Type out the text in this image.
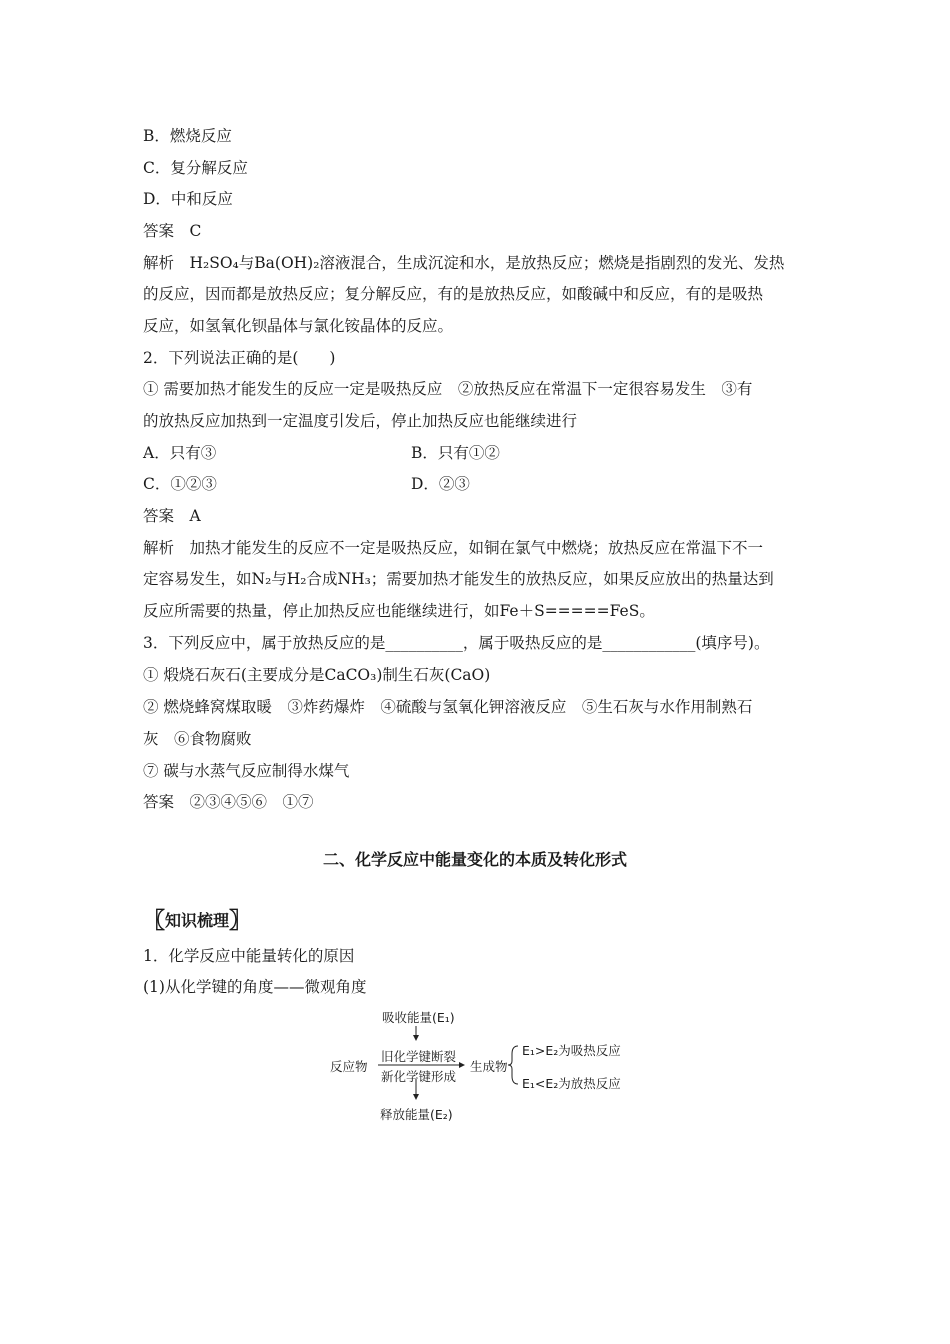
B．燃烧反应
C．复分解反应
D．中和反应
答案　C
解析　H₂SO₄与Ba(OH)₂溶液混合，生成沉淀和水，是放热反应；燃烧是指剧烈的发光、发热
的反应，因而都是放热反应；复分解反应，有的是放热反应，如酸碱中和反应，有的是吸热
反应，如氢氧化钡晶体与氯化铵晶体的反应。
2．下列说法正确的是(　　)
① 需要加热才能发生的反应一定是吸热反应　②放热反应在常温下一定很容易发生　③有
的放热反应加热到一定温度引发后，停止加热反应也能继续进行
A．只有③	B．只有①②
C．①②③	D．②③
答案　A
解析　加热才能发生的反应不一定是吸热反应，如铜在氯气中燃烧；放热反应在常温下不一
定容易发生，如N₂与H₂合成NH₃；需要加热才能发生的放热反应，如果反应放出的热量达到
反应所需要的热量，停止加热反应也能继续进行，如Fe＋S=====FeS。
3．下列反应中，属于放热反应的是__________，属于吸热反应的是____________(填序号)。
① 煅烧石灰石(主要成分是CaCO₃)制生石灰(CaO)
② 燃烧蜂窝煤取暖　③炸药爆炸　④硫酸与氢氧化钾溶液反应　⑤生石灰与水作用制熟石
灰　⑥食物腐败
⑦ 碳与水蒸气反应制得水煤气
答案　②③④⑤⑥　①⑦
二、化学反应中能量变化的本质及转化形式
〖知识梳理〗
1．化学反应中能量转化的原因
(1)从化学键的角度——微观角度
吸收能量(E₁)
反应物
旧化学键断裂
新化学键形成
生成物
E₁>E₂为吸热反应
E₁<E₂为放热反应
释放能量(E₂)
